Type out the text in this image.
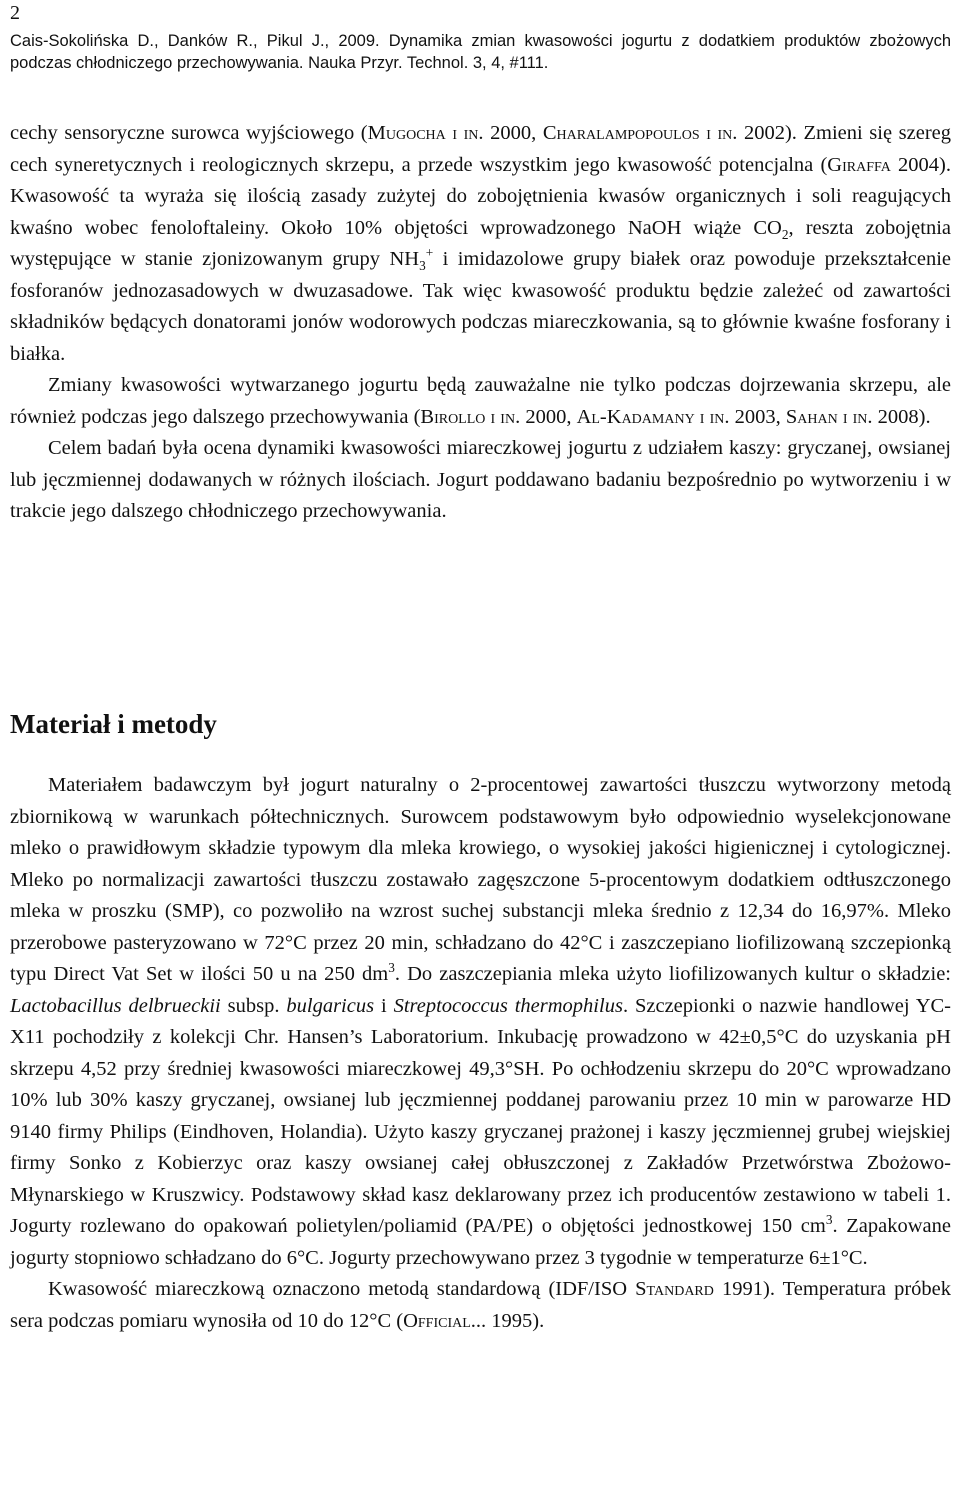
2
Cais-Sokolińska D., Danków R., Pikul J., 2009. Dynamika zmian kwasowości jogurtu z dodatkiem produktów zbożowych podczas chłodniczego przechowywania. Nauka Przyr. Technol. 3, 4, #111.

cechy sensoryczne surowca wyjściowego (Mugocha i in. 2000, Charalampopoulos i in. 2002). Zmieni się szereg cech syneretycznych i reologicznych skrzepu, a przede wszystkim jego kwasowość potencjalna (Giraffa 2004). Kwasowość ta wyraża się ilością zasady zużytej do zobojętnienia kwasów organicznych i soli reagujących kwaśno wobec fenoloftaleiny. Około 10% objętości wprowadzonego NaOH wiąże $CO_2$, reszta zobojętnia występujące w stanie zjonizowanym grupy $NH_3^+$ i imidazolowe grupy białek oraz powoduje przekształcenie fosforanów jednozasadowych w dwuzasadowe. Tak więc kwasowość produktu będzie zależeć od zawartości składników będących donatorami jonów wodorowych podczas miareczkowania, są to głównie kwaśne fosforany i białka.

Zmiany kwasowości wytwarzanego jogurtu będą zauważalne nie tylko podczas dojrzewania skrzepu, ale również podczas jego dalszego przechowywania (Birollo i in. 2000, Al-Kadamany i in. 2003, Sahan i in. 2008).

Celem badań była ocena dynamiki kwasowości miareczkowej jogurtu z udziałem kaszy: gryczanej, owsianej lub jęczmiennej dodawanych w różnych ilościach. Jogurt poddawano badaniu bezpośrednio po wytworzeniu i w trakcie jego dalszego chłodniczego przechowywania.

Materiał i metody

Materiałem badawczym był jogurt naturalny o 2-procentowej zawartości tłuszczu wytworzony metodą zbiornikową w warunkach półtechnicznych. Surowcem podstawowym było odpowiednio wyselekcjonowane mleko o prawidłowym składzie typowym dla mleka krowiego, o wysokiej jakości higienicznej i cytologicznej. Mleko po normalizacji zawartości tłuszczu zostawało zagęszczone 5-procentowym dodatkiem odtłuszczonego mleka w proszku (SMP), co pozwoliło na wzrost suchej substancji mleka średnio z 12,34 do 16,97%. Mleko przerobowe pasteryzowano w 72°C przez 20 min, schładzano do 42°C i zaszczepiano liofilizowaną szczepionką typu Direct Vat Set w ilości 50 u na 250 $dm^3$. Do zaszczepiania mleka użyto liofilizowanych kultur o składzie: Lactobacillus delbrueckii subsp. bulgaricus i Streptococcus thermophilus. Szczepionki o nazwie handlowej YC-X11 pochodziły z kolekcji Chr. Hansen’s Laboratorium. Inkubację prowadzono w 42±0,5°C do uzyskania pH skrzepu 4,52 przy średniej kwasowości miareczkowej 49,3°SH. Po ochłodzeniu skrzepu do 20°C wprowadzano 10% lub 30% kaszy gryczanej, owsianej lub jęczmiennej poddanej parowaniu przez 10 min w parowarze HD 9140 firmy Philips (Eindhoven, Holandia). Użyto kaszy gryczanej prażonej i kaszy jęczmiennej grubej wiejskiej firmy Sonko z Kobierzyc oraz kaszy owsianej całej obłuszczonej z Zakładów Przetwórstwa Zbożowo-Młynarskiego w Kruszwicy. Podstawowy skład kasz deklarowany przez ich producentów zestawiono w tabeli 1. Jogurty rozlewano do opakowań polietylen/poliamid (PA/PE) o objętości jednostkowej 150 $cm^3$. Zapakowane jogurty stopniowo schładzano do 6°C. Jogurty przechowywano przez 3 tygodnie w temperaturze 6±1°C.

Kwasowość miareczkową oznaczono metodą standardową (IDF/ISO Standard 1991). Temperatura próbek sera podczas pomiaru wynosiła od 10 do 12°C (Official... 1995).
